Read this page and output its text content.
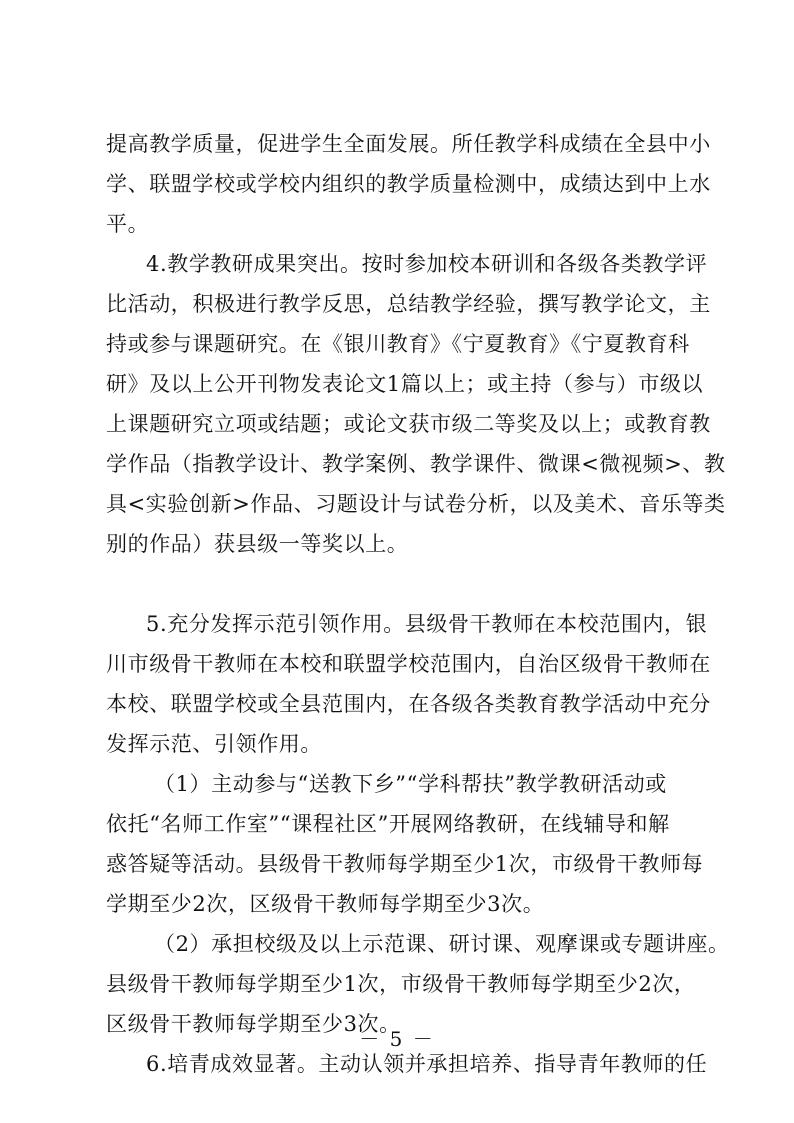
提高教学质量，促进学生全面发展。所任教学科成绩在全县中小
学、联盟学校或学校内组织的教学质量检测中，成绩达到中上水
平。
4.教学教研成果突出。按时参加校本研训和各级各类教学评
比活动，积极进行教学反思，总结教学经验，撰写教学论文，主
持或参与课题研究。在《银川教育》《宁夏教育》《宁夏教育科
研》及以上公开刊物发表论文1篇以上；或主持（参与）市级以
上课题研究立项或结题；或论文获市级二等奖及以上；或教育教
学作品（指教学设计、教学案例、教学课件、微课<微视频>、教
具<实验创新>作品、习题设计与试卷分析，以及美术、音乐等类
别的作品）获县级一等奖以上。
5.充分发挥示范引领作用。县级骨干教师在本校范围内，银
川市级骨干教师在本校和联盟学校范围内，自治区级骨干教师在
本校、联盟学校或全县范围内，在各级各类教育教学活动中充分
发挥示范、引领作用。
（1）主动参与“送教下乡”“学科帮扶”教学教研活动或
依托“名师工作室”“课程社区”开展网络教研，在线辅导和解
惑答疑等活动。县级骨干教师每学期至少1次，市级骨干教师每
学期至少2次，区级骨干教师每学期至少3次。
（2）承担校级及以上示范课、研讨课、观摩课或专题讲座。
县级骨干教师每学期至少1次，市级骨干教师每学期至少2次，
区级骨干教师每学期至少3次。
6.培青成效显著。主动认领并承担培养、指导青年教师的任
－ 5 －
